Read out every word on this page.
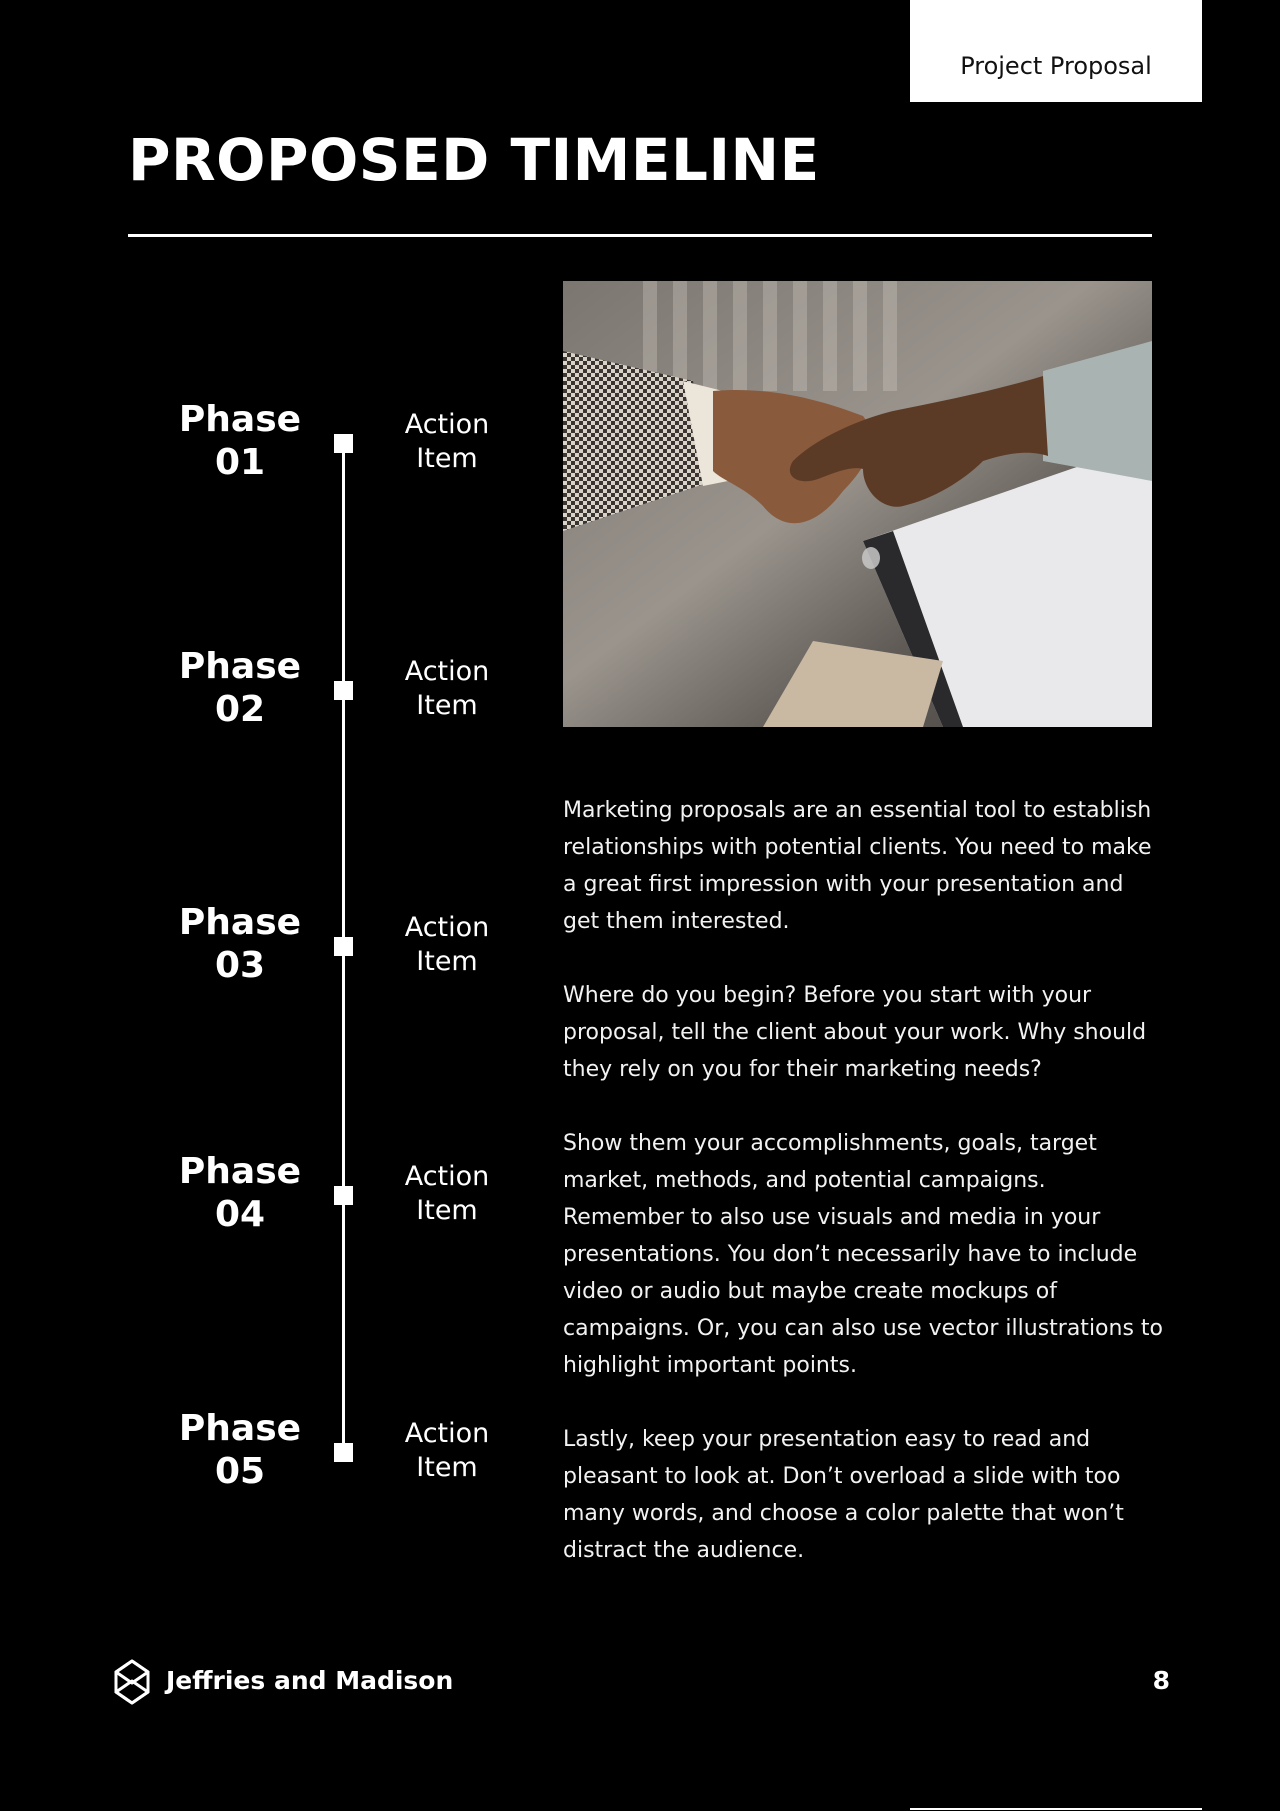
Project Proposal
PROPOSED TIMELINE
Phase
01
Action
Item
Phase
02
Action
Item
Phase
03
Action
Item
Phase
04
Action
Item
Phase
05
Action
Item

Marketing proposals are an essential tool to establish relationships with potential clients. You need to make a great first impression with your presentation and get them interested.

Where do you begin? Before you start with your proposal, tell the client about your work. Why should they rely on you for their marketing needs?

Show them your accomplishments, goals, target market, methods, and potential campaigns. Remember to also use visuals and media in your presentations. You don’t necessarily have to include video or audio but maybe create mockups of campaigns. Or, you can also use vector illustrations to highlight important points.

Lastly, keep your presentation easy to read and pleasant to look at. Don’t overload a slide with too many words, and choose a color palette that won’t distract the audience.

Jeffries and Madison	8
